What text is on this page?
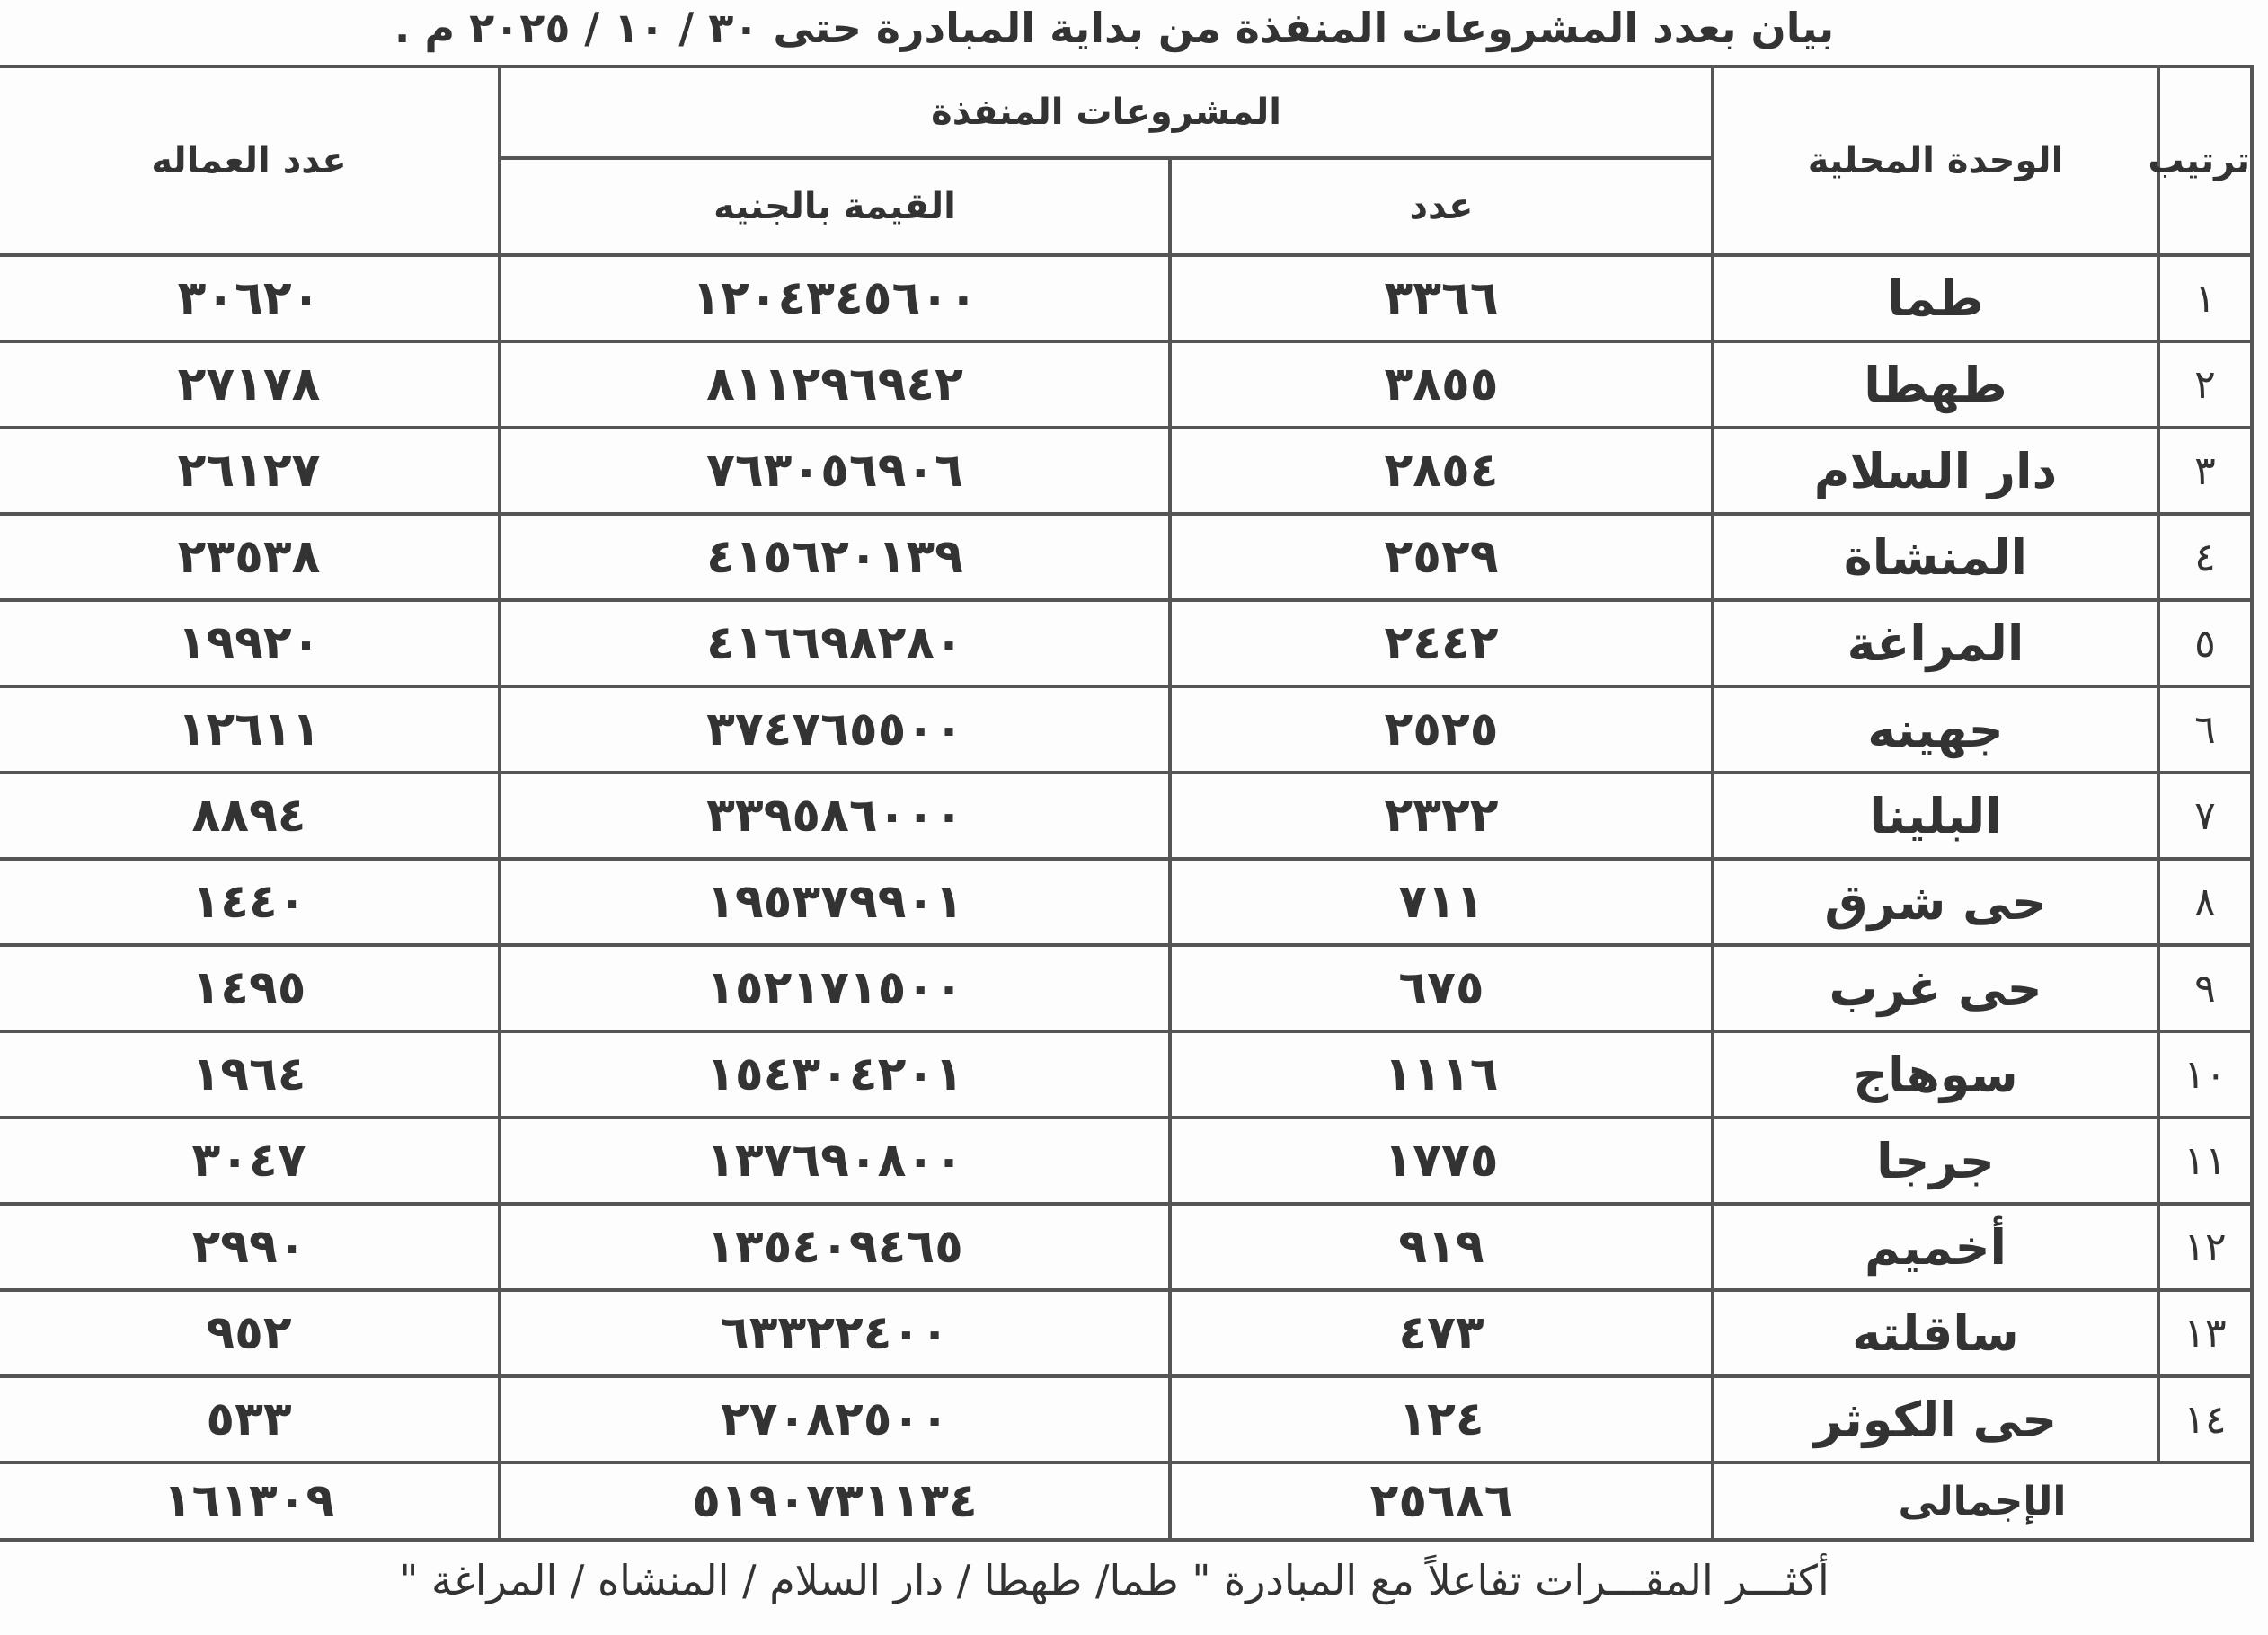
بيان بعدد المشروعات المنفذة من بداية المبادرة حتى ٣٠ / ١٠ / ٢٠٢٥ م .
ترتيب	الوحدة المحلية	المشروعات المنفذة		عدد العماله
		عدد	القيمة بالجنيه	
١	طما	٣٣٦٦	١٢٠٤٣٤٥٦٠٠	٣٠٦٢٠
٢	طهطا	٣٨٥٥	٨١١٢٩٦٩٤٢	٢٧١٧٨
٣	دار السلام	٢٨٥٤	٧٦٣٠٥٦٩٠٦	٢٦١٢٧
٤	المنشاة	٢٥٢٩	٤١٥٦٢٠١٣٩	٢٣٥٣٨
٥	المراغة	٢٤٤٢	٤١٦٦٩٨٢٨٠	١٩٩٢٠
٦	جهينه	٢٥٢٥	٣٧٤٧٦٥٥٠٠	١٢٦١١
٧	البلينا	٢٣٢٢	٣٣٩٥٨٦٠٠٠	٨٨٩٤
٨	حى شرق	٧١١	١٩٥٣٧٩٩٠١	١٤٤٠
٩	حى غرب	٦٧٥	١٥٢١٧١٥٠٠	١٤٩٥
١٠	سوهاج	١١١٦	١٥٤٣٠٤٢٠١	١٩٦٤
١١	جرجا	١٧٧٥	١٣٧٦٩٠٨٠٠	٣٠٤٧
١٢	أخميم	٩١٩	١٣٥٤٠٩٤٦٥	٢٩٩٠
١٣	ساقلته	٤٧٣	٦٣٣٢٢٤٠٠	٩٥٢
١٤	حى الكوثر	١٢٤	٢٧٠٨٢٥٠٠	٥٣٣
الإجمالى		٢٥٦٨٦	٥١٩٠٧٣١١٣٤	١٦١٣٠٩
أكثـــر المقـــرات تفاعلاً مع المبادرة " طما/ طهطا / دار السلام / المنشاه / المراغة "
